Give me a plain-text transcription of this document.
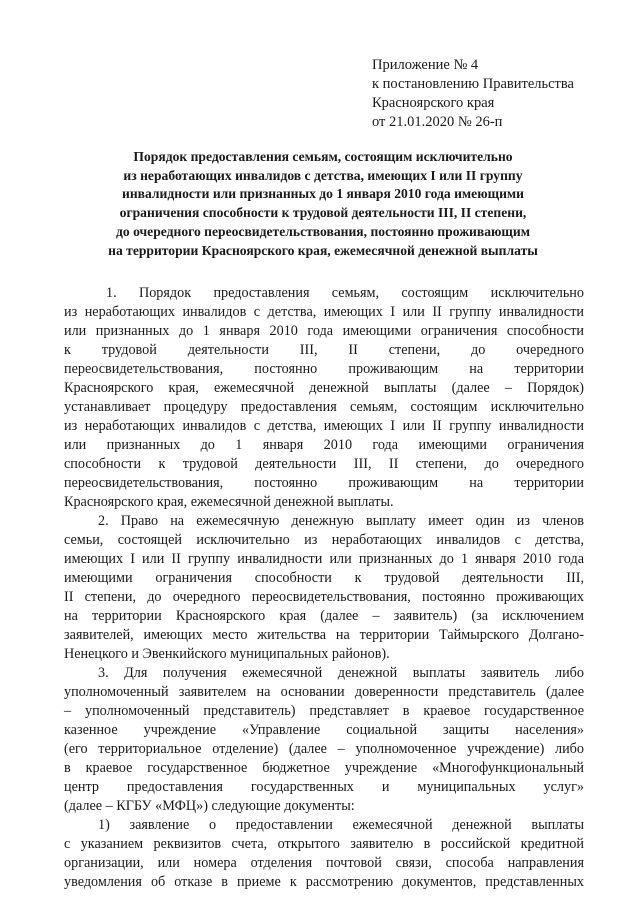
Приложение № 4
к постановлению Правительства
Красноярского края
от 21.01.2020 № 26-п
Порядок предоставления семьям, состоящим исключительно
из неработающих инвалидов с детства, имеющих I или II группу
инвалидности или признанных до 1 января 2010 года имеющими
ограничения способности к трудовой деятельности III, II степени,
до очередного переосвидетельствования, постоянно проживающим
на территории Красноярского края, ежемесячной денежной выплаты
1. Порядок предоставления семьям, состоящим исключительно
из неработающих инвалидов с детства, имеющих I или II группу инвалидности
или признанных до 1 января 2010 года имеющими ограничения способности
к трудовой деятельности III, II степени, до очередного
переосвидетельствования, постоянно проживающим на территории
Красноярского края, ежемесячной денежной выплаты (далее – Порядок)
устанавливает процедуру предоставления семьям, состоящим исключительно
из неработающих инвалидов с детства, имеющих I или II группу инвалидности
или признанных до 1 января 2010 года имеющими ограничения
способности к трудовой деятельности III, II степени, до очередного
переосвидетельствования, постоянно проживающим на территории
Красноярского края, ежемесячной денежной выплаты.
2. Право на ежемесячную денежную выплату имеет один из членов
семьи, состоящей исключительно из неработающих инвалидов с детства,
имеющих I или II группу инвалидности или признанных до 1 января 2010 года
имеющими ограничения способности к трудовой деятельности III,
II степени, до очередного переосвидетельствования, постоянно проживающих
на территории Красноярского края (далее – заявитель) (за исключением
заявителей, имеющих место жительства на территории Таймырского Долгано-
Ненецкого и Эвенкийского муниципальных районов).
3. Для получения ежемесячной денежной выплаты заявитель либо
уполномоченный заявителем на основании доверенности представитель (далее
– уполномоченный представитель) представляет в краевое государственное
казенное учреждение «Управление социальной защиты населения»
(его территориальное отделение) (далее – уполномоченное учреждение) либо
в краевое государственное бюджетное учреждение «Многофункциональный
центр предоставления государственных и муниципальных услуг»
(далее – КГБУ «МФЦ») следующие документы:
1) заявление о предоставлении ежемесячной денежной выплаты
с указанием реквизитов счета, открытого заявителю в российской кредитной
организации, или номера отделения почтовой связи, способа направления
уведомления об отказе в приеме к рассмотрению документов, представленных
